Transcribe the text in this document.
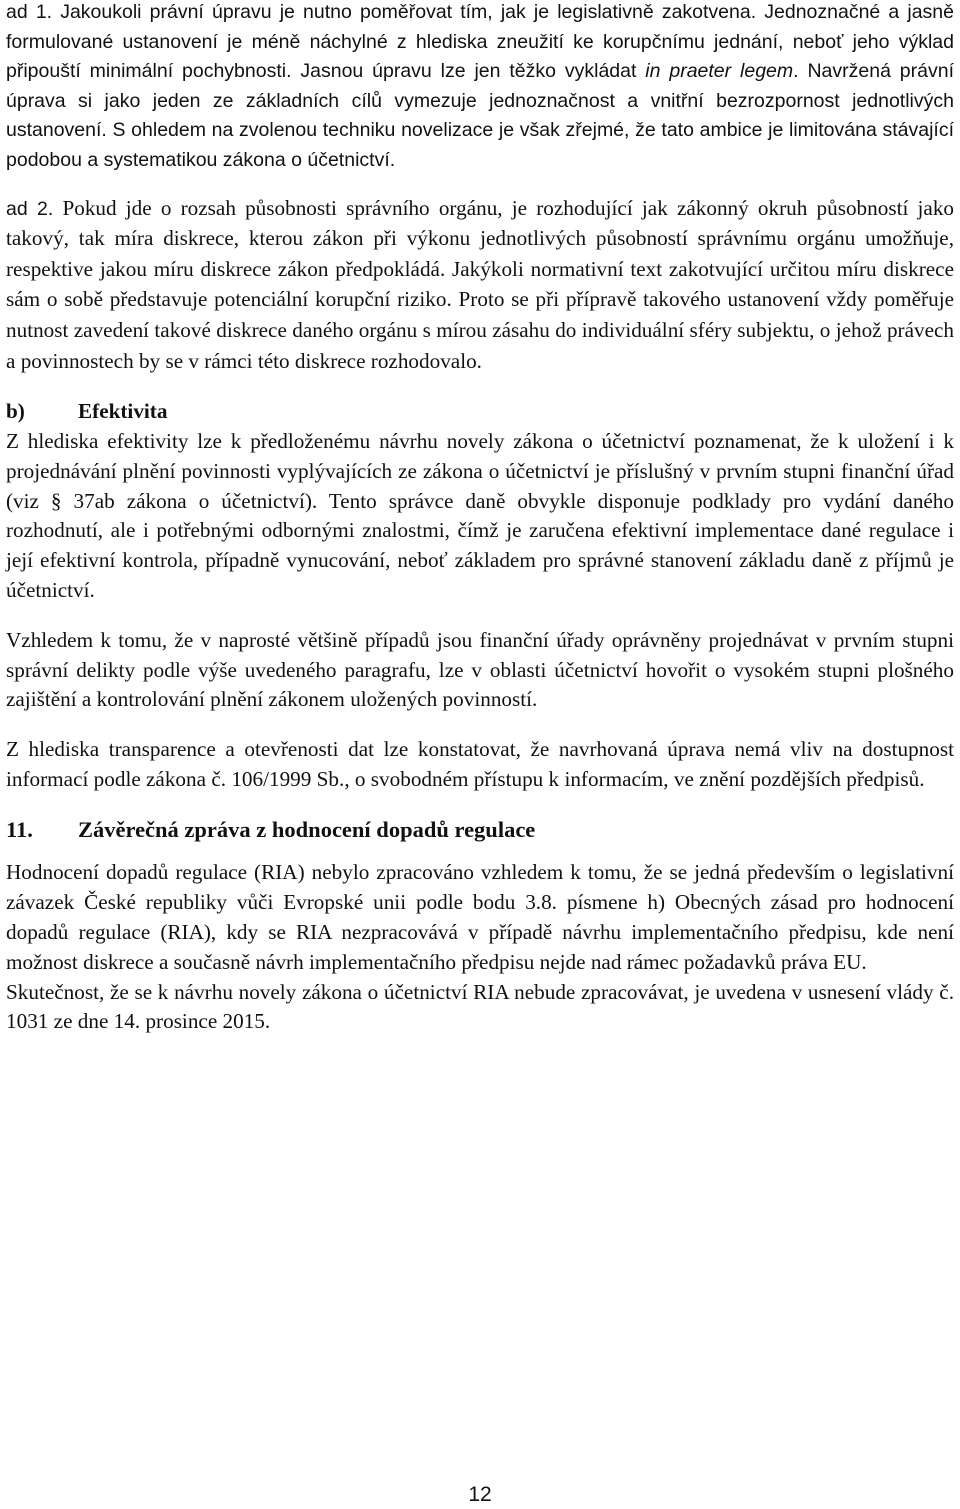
ad 1. Jakoukoli právní úpravu je nutno poměřovat tím, jak je legislativně zakotvena. Jednoznačné a jasně formulované ustanovení je méně náchylné z hlediska zneužití ke korupčnímu jednání, neboť jeho výklad připouští minimální pochybnosti. Jasnou úpravu lze jen těžko vykládat in praeter legem. Navržená právní úprava si jako jeden ze základních cílů vymezuje jednoznačnost a vnitřní bezrozpornost jednotlivých ustanovení. S ohledem na zvolenou techniku novelizace je však zřejmé, že tato ambice je limitována stávající podobou a systematikou zákona o účetnictví.

ad 2. Pokud jde o rozsah působnosti správního orgánu, je rozhodující jak zákonný okruh působností jako takový, tak míra diskrece, kterou zákon při výkonu jednotlivých působností správnímu orgánu umožňuje, respektive jakou míru diskrece zákon předpokládá. Jakýkoli normativní text zakotvující určitou míru diskrece sám o sobě představuje potenciální korupční riziko. Proto se při přípravě takového ustanovení vždy poměřuje nutnost zavedení takové diskrece daného orgánu s mírou zásahu do individuální sféry subjektu, o jehož právech a povinnostech by se v rámci této diskrece rozhodovalo.

b)	Efektivita

Z hlediska efektivity lze k předloženému návrhu novely zákona o účetnictví poznamenat, že k uložení i k projednávání plnění povinnosti vyplývajících ze zákona o účetnictví je příslušný v prvním stupni finanční úřad (viz § 37ab zákona o účetnictví). Tento správce daně obvykle disponuje podklady pro vydání daného rozhodnutí, ale i potřebnými odbornými znalostmi, čímž je zaručena efektivní implementace dané regulace i její efektivní kontrola, případně vynucování, neboť základem pro správné stanovení základu daně z příjmů je účetnictví.

Vzhledem k tomu, že v naprosté většině případů jsou finanční úřady oprávněny projednávat v prvním stupni správní delikty podle výše uvedeného paragrafu, lze v oblasti účetnictví hovořit o vysokém stupni plošného zajištění a kontrolování plnění zákonem uložených povinností.

Z hlediska transparence a otevřenosti dat lze konstatovat, že navrhovaná úprava nemá vliv na dostupnost informací podle zákona č. 106/1999 Sb., o svobodném přístupu k informacím, ve znění pozdějších předpisů.

11. Závěrečná zpráva z hodnocení dopadů regulace

Hodnocení dopadů regulace (RIA) nebylo zpracováno vzhledem k tomu, že se jedná především o legislativní závazek České republiky vůči Evropské unii podle bodu 3.8. písmene h) Obecných zásad pro hodnocení dopadů regulace (RIA), kdy se RIA nezpracovává v případě návrhu implementačního předpisu, kde není možnost diskrece a současně návrh implementačního předpisu nejde nad rámec požadavků práva EU.

Skutečnost, že se k návrhu novely zákona o účetnictví RIA nebude zpracovávat, je uvedena v usnesení vlády č. 1031 ze dne 14. prosince 2015.

12
